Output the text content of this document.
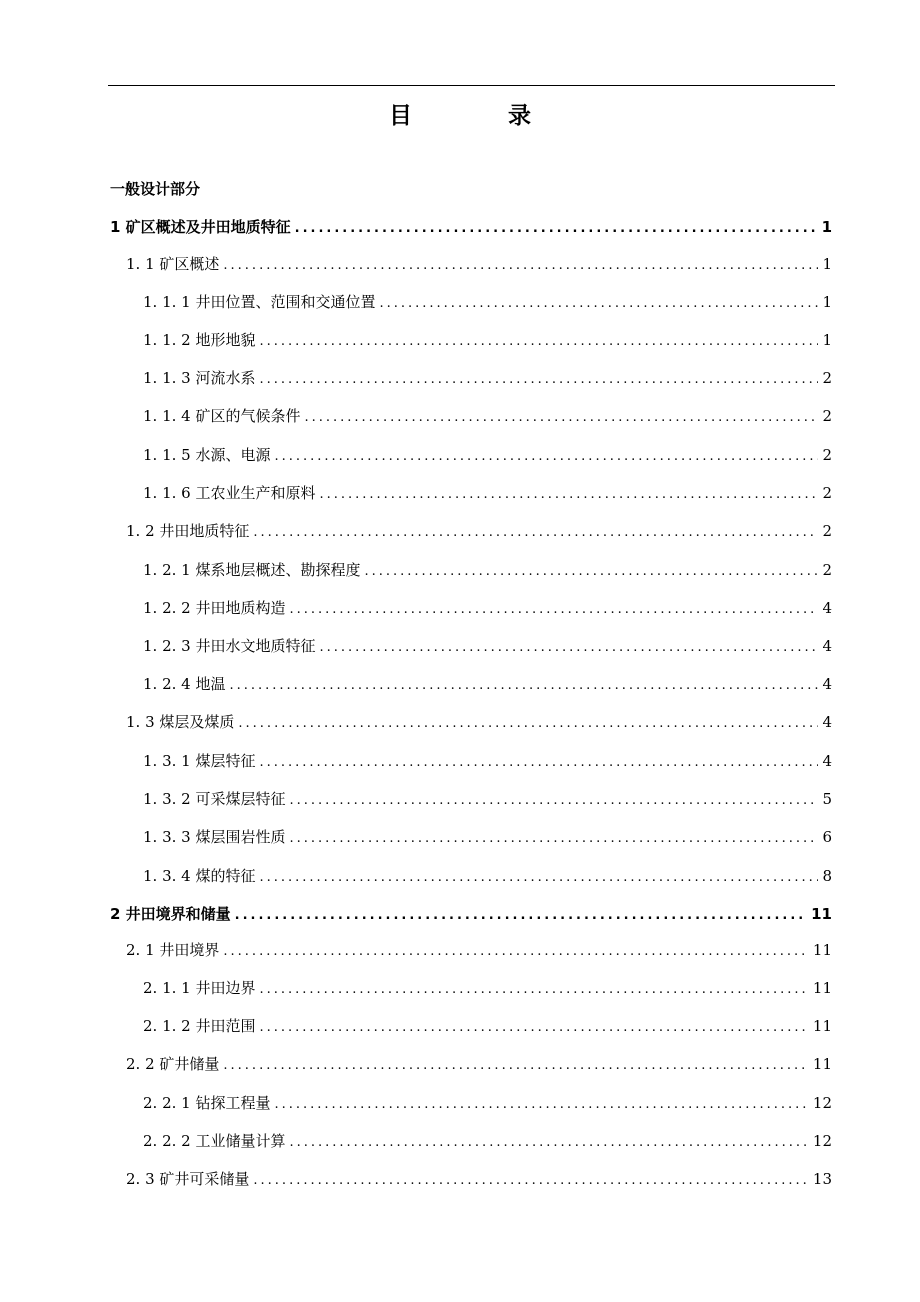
目 录
一般设计部分
1 矿区概述及井田地质特征 .....	1
1. 1 矿区概述 .....	1
1. 1. 1 井田位置、范围和交通位置 .....	1
1. 1. 2 地形地貌 .....	1
1. 1. 3 河流水系 .....	2
1. 1. 4 矿区的气候条件 .....	2
1. 1. 5 水源、电源 .....	2
1. 1. 6 工农业生产和原料 .....	2
1. 2 井田地质特征 .....	2
1. 2. 1 煤系地层概述、勘探程度 .....	2
1. 2. 2 井田地质构造 .....	4
1. 2. 3 井田水文地质特征 .....	4
1. 2. 4 地温 .....	4
1. 3 煤层及煤质 .....	4
1. 3. 1 煤层特征 .....	4
1. 3. 2 可采煤层特征 .....	5
1. 3. 3 煤层围岩性质 .....	6
1. 3. 4 煤的特征 .....	8
2 井田境界和储量 .....	11
2. 1 井田境界 .....	11
2. 1. 1 井田边界 .....	11
2. 1. 2 井田范围 .....	11
2. 2 矿井储量 .....	11
2. 2. 1 钻探工程量 .....	12
2. 2. 2 工业储量计算 .....	12
2. 3 矿井可采储量 .....	13
